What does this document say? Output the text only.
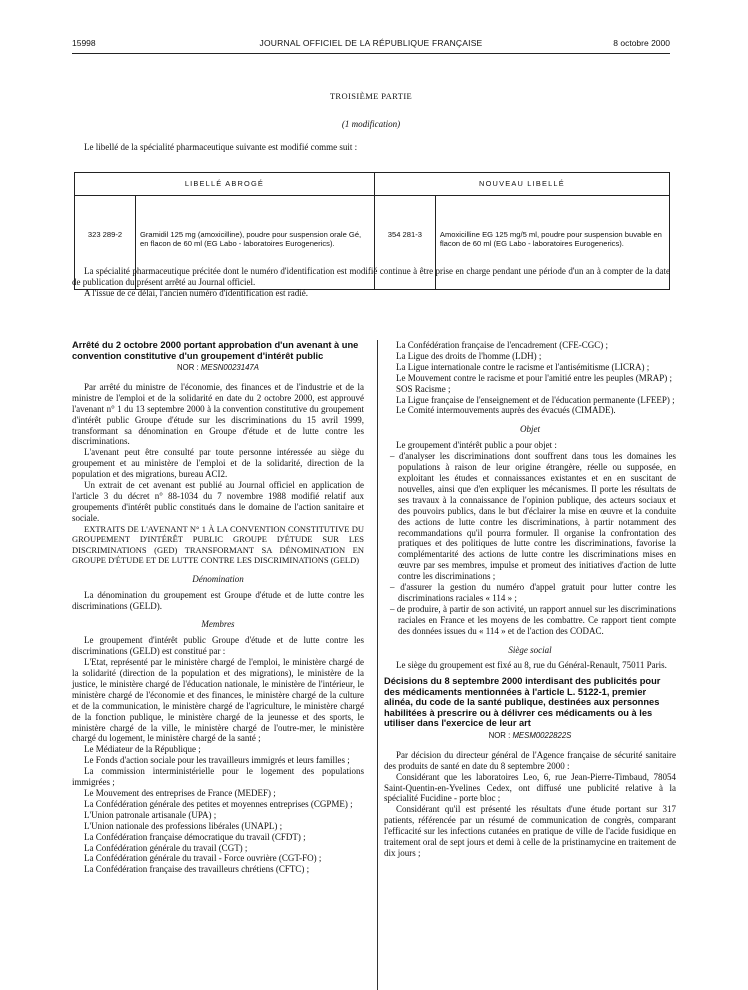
15998	JOURNAL OFFICIEL DE LA RÉPUBLIQUE FRANÇAISE	8 octobre 2000
TROISIÈME PARTIE
(1 modification)
Le libellé de la spécialité pharmaceutique suivante est modifié comme suit :
LIBELLÉ ABROGÉ		NOUVEAU LIBELLÉ	
323 289-2	Gramidil 125 mg (amoxicilline), poudre pour suspension orale Gé, en flacon de 60 ml (EG Labo - laboratoires Eurogenerics).	354 281-3	Amoxicilline EG 125 mg/5 ml, poudre pour suspension buvable en flacon de 60 ml (EG Labo - laboratoires Eurogenerics).

La spécialité pharmaceutique précitée dont le numéro d'identification est modifié continue à être prise en charge pendant une période d'un an à compter de la date de publication du présent arrêté au Journal officiel.

A l'issue de ce délai, l'ancien numéro d'identification est radié.

Arrêté du 2 octobre 2000 portant approbation d'un avenant à une convention constitutive d'un groupement d'intérêt public

NOR : MESN0023147A

Par arrêté du ministre de l'économie, des finances et de l'industrie et de la ministre de l'emploi et de la solidarité en date du 2 octobre 2000, est approuvé l'avenant n° 1 du 13 septembre 2000 à la convention constitutive du groupement d'intérêt public Groupe d'étude sur les discriminations du 15 avril 1999, transformant sa dénomination en Groupe d'étude et de lutte contre les discriminations.

L'avenant peut être consulté par toute personne intéressée au siège du groupement et au ministère de l'emploi et de la solidarité, direction de la population et des migrations, bureau ACI2.

Un extrait de cet avenant est publié au Journal officiel en application de l'article 3 du décret n° 88-1034 du 7 novembre 1988 modifié relatif aux groupements d'intérêt public constitués dans le domaine de l'action sanitaire et sociale.

EXTRAITS DE L'AVENANT N° 1 À LA CONVENTION CONSTITUTIVE DU GROUPEMENT D'INTÉRÊT PUBLIC GROUPE D'ÉTUDE SUR LES DISCRIMINATIONS (GED) TRANSFORMANT SA DÉNOMINATION EN GROUPE D'ÉTUDE ET DE LUTTE CONTRE LES DISCRIMINATIONS (GELD)

Dénomination

La dénomination du groupement est Groupe d'étude et de lutte contre les discriminations (GELD).

Membres

Le groupement d'intérêt public Groupe d'étude et de lutte contre les discriminations (GELD) est constitué par :

L'Etat, représenté par le ministère chargé de l'emploi, le ministère chargé de la solidarité (direction de la population et des migrations), le ministère de la justice, le ministère chargé de l'éducation nationale, le ministère de l'intérieur, le ministère chargé de l'économie et des finances, le ministère chargé de la culture et de la communication, le ministère chargé de l'agriculture, le ministère chargé de la fonction publique, le ministère chargé de la jeunesse et des sports, le ministère chargé de la ville, le ministère chargé de l'outre-mer, le ministère chargé du logement, le ministère chargé de la santé ;

Le Médiateur de la République ;

Le Fonds d'action sociale pour les travailleurs immigrés et leurs familles ;

La commission interministérielle pour le logement des populations immigrées ;

Le Mouvement des entreprises de France (MEDEF) ;

La Confédération générale des petites et moyennes entreprises (CGPME) ;

L'Union patronale artisanale (UPA) ;

L'Union nationale des professions libérales (UNAPL) ;

La Confédération française démocratique du travail (CFDT) ;

La Confédération générale du travail (CGT) ;

La Confédération générale du travail - Force ouvrière (CGT-FO) ;

La Confédération française des travailleurs chrétiens (CFTC) ;

La Confédération française de l'encadrement (CFE-CGC) ;

La Ligue des droits de l'homme (LDH) ;

La Ligue internationale contre le racisme et l'antisémitisme (LICRA) ;

Le Mouvement contre le racisme et pour l'amitié entre les peuples (MRAP) ;

SOS Racisme ;

La Ligue française de l'enseignement et de l'éducation permanente (LFEEP) ;

Le Comité intermouvements auprès des évacués (CIMADE).

Objet

Le groupement d'intérêt public a pour objet :

– d'analyser les discriminations dont souffrent dans tous les domaines les populations à raison de leur origine étrangère, réelle ou supposée, en exploitant les études et connaissances existantes et en en suscitant de nouvelles, ainsi que d'en expliquer les mécanismes. Il porte les résultats de ses travaux à la connaissance de l'opinion publique, des acteurs sociaux et des pouvoirs publics, dans le but d'éclairer la mise en œuvre et la conduite des actions de lutte contre les discriminations, à partir notamment des recommandations qu'il pourra formuler. Il organise la confrontation des pratiques et des politiques de lutte contre les discriminations, favorise la complémentarité des actions de lutte contre les discriminations mises en œuvre par ses membres, impulse et promeut des initiatives d'action de lutte contre les discriminations ;

– d'assurer la gestion du numéro d'appel gratuit pour lutter contre les discriminations raciales « 114 » ;

– de produire, à partir de son activité, un rapport annuel sur les discriminations raciales en France et les moyens de les combattre. Ce rapport tient compte des données issues du « 114 » et de l'action des CODAC.

Siège social

Le siège du groupement est fixé au 8, rue du Général-Renault, 75011 Paris.

Décisions du 8 septembre 2000 interdisant des publicités pour des médicaments mentionnées à l'article L. 5122-1, premier alinéa, du code de la santé publique, destinées aux personnes habilitées à prescrire ou à délivrer ces médicaments ou à les utiliser dans l'exercice de leur art

NOR : MESM0022822S

Par décision du directeur général de l'Agence française de sécurité sanitaire des produits de santé en date du 8 septembre 2000 :

Considérant que les laboratoires Leo, 6, rue Jean-Pierre-Timbaud, 78054 Saint-Quentin-en-Yvelines Cedex, ont diffusé une publicité relative à la spécialité Fucidine - porte bloc ;

Considérant qu'il est présenté les résultats d'une étude portant sur 317 patients, référencée par un résumé de communication de congrès, comparant l'efficacité sur les infections cutanées en pratique de ville de l'acide fusidique en traitement oral de sept jours et demi à celle de la pristinamycine en traitement de dix jours ;
